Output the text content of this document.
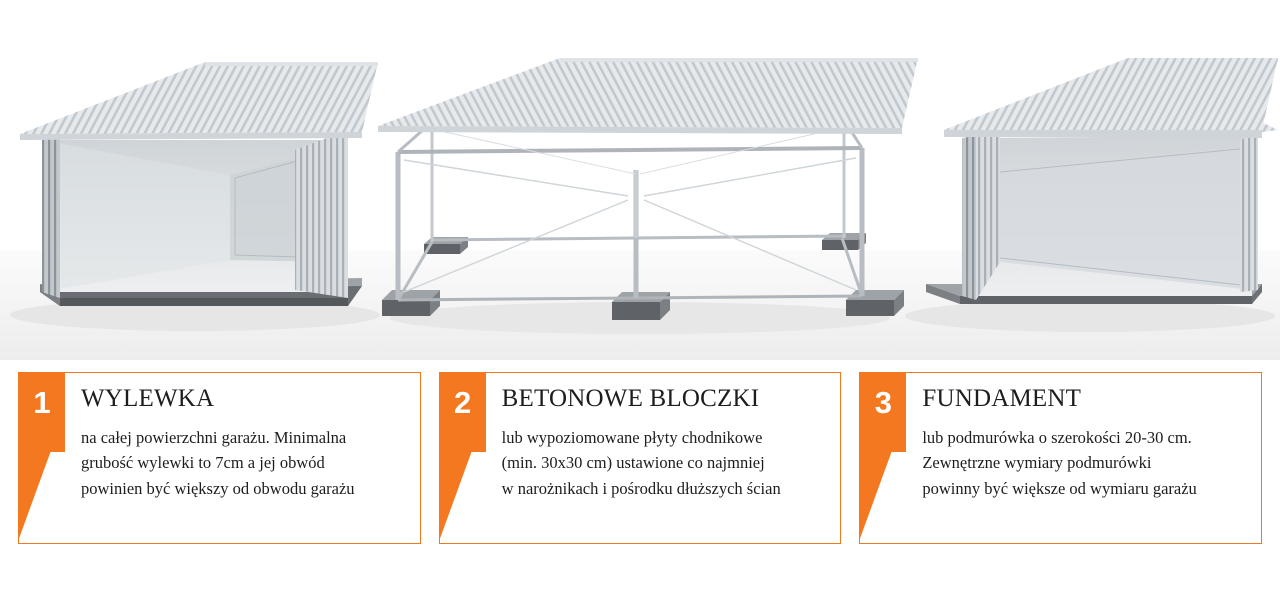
1	WYLEWKA
na całej powierzchni garażu. Minimalna
grubość wylewki to 7cm a jej obwód
powinien być większy od obwodu garażu
2	BETONOWE BLOCZKI
lub wypoziomowane płyty chodnikowe
(min. 30x30 cm) ustawione co najmniej
w narożnikach i pośrodku dłuższych ścian
3	FUNDAMENT
lub podmurówka o szerokości 20-30 cm.
Zewnętrzne wymiary podmurówki
powinny być większe od wymiaru garażu
